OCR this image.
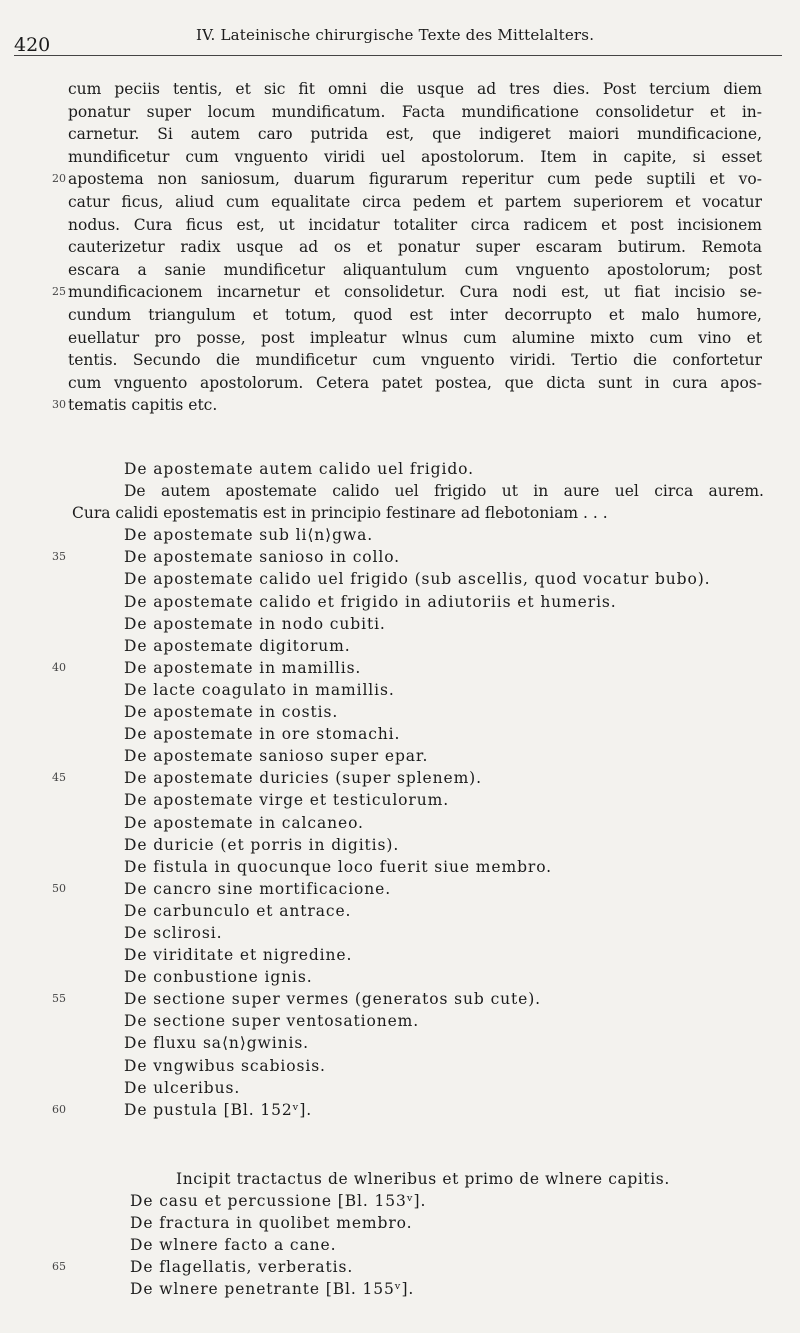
420	IV. Lateinische chirurgische Texte des Mittelalters.
cum peciis tentis, et sic fit omni die usque ad tres dies. Post tercium diem
ponatur super locum mundificatum. Facta mundificatione consolidetur et in-
carnetur. Si autem caro putrida est, que indigeret maiori mundificacione,
mundificetur cum vnguento viridi uel apostolorum. Item in capite, si esset
20 apostema non saniosum, duarum figurarum reperitur cum pede suptili et vo-
catur ficus, aliud cum equalitate circa pedem et partem superiorem et vocatur
nodus. Cura ficus est, ut incidatur totaliter circa radicem et post incisionem
cauterizetur radix usque ad os et ponatur super escaram butirum. Remota
escara a sanie mundificetur aliquantulum cum vnguento apostolorum; post
25 mundificacionem incarnetur et consolidetur. Cura nodi est, ut fiat incisio se-
cundum triangulum et totum, quod est inter decorrupto et malo humore,
euellatur pro posse, post impleatur wlnus cum alumine mixto cum vino et
tentis. Secundo die mundificetur cum vnguento viridi. Tertio die confortetur
cum vnguento apostolorum. Cetera patet postea, que dicta sunt in cura apos-
30 tematis capitis etc.
De apostemate autem calido uel frigido.
De autem apostemate calido uel frigido ut in aure uel circa aurem.
Cura calidi epostematis est in principio festinare ad flebotoniam . . .
De apostemate sub li⟨n⟩gwa.
35	De apostemate sanioso in collo.
De apostemate calido uel frigido (sub ascellis, quod vocatur bubo).
De apostemate calido et frigido in adiutoriis et humeris.
De apostemate in nodo cubiti.
De apostemate digitorum.
40	De apostemate in mamillis.
De lacte coagulato in mamillis.
De apostemate in costis.
De apostemate in ore stomachi.
De apostemate sanioso super epar.
45	De apostemate duricies (super splenem).
De apostemate virge et testiculorum.
De apostemate in calcaneo.
De duricie (et porris in digitis).
De fistula in quocunque loco fuerit siue membro.
50	De cancro sine mortificacione.
De carbunculo et antrace.
De sclirosi.
De viriditate et nigredine.
De conbustione ignis.
55	De sectione super vermes (generatos sub cute).
De sectione super ventosationem.
De fluxu sa⟨n⟩gwinis.
De vngwibus scabiosis.
De ulceribus.
60	De pustula [Bl. 152ᵛ].
Incipit tractactus de wlneribus et primo de wlnere capitis.
De casu et percussione [Bl. 153ᵛ].
De fractura in quolibet membro.
De wlnere facto a cane.
65	De flagellatis, verberatis.
De wlnere penetrante [Bl. 155ᵛ].
